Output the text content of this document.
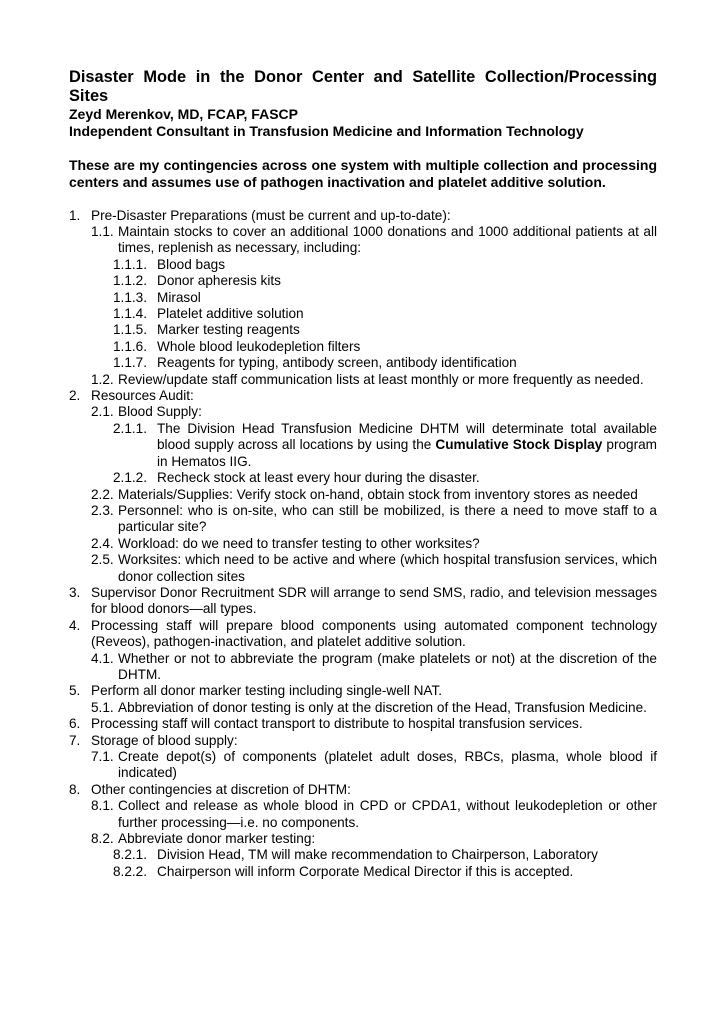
Disaster Mode in the Donor Center and Satellite Collection/Processing Sites

Zeyd Merenkov, MD, FCAP, FASCP

Independent Consultant in Transfusion Medicine and Information Technology

These are my contingencies across one system with multiple collection and processing centers and assumes use of pathogen inactivation and platelet additive solution.

1. Pre-Disaster Preparations (must be current and up-to-date):
1.1. Maintain stocks to cover an additional 1000 donations and 1000 additional patients at all times, replenish as necessary, including:
1.1.1. Blood bags
1.1.2. Donor apheresis kits
1.1.3. Mirasol
1.1.4. Platelet additive solution
1.1.5. Marker testing reagents
1.1.6. Whole blood leukodepletion filters
1.1.7. Reagents for typing, antibody screen, antibody identification
1.2. Review/update staff communication lists at least monthly or more frequently as needed.
2. Resources Audit:
2.1. Blood Supply:
2.1.1. The Division Head Transfusion Medicine DHTM will determinate total available blood supply across all locations by using the Cumulative Stock Display program in Hematos IIG.
2.1.2. Recheck stock at least every hour during the disaster.
2.2. Materials/Supplies: Verify stock on-hand, obtain stock from inventory stores as needed
2.3. Personnel: who is on-site, who can still be mobilized, is there a need to move staff to a particular site?
2.4. Workload: do we need to transfer testing to other worksites?
2.5. Worksites: which need to be active and where (which hospital transfusion services, which donor collection sites
3. Supervisor Donor Recruitment SDR will arrange to send SMS, radio, and television messages for blood donors—all types.
4. Processing staff will prepare blood components using automated component technology (Reveos), pathogen-inactivation, and platelet additive solution.
4.1. Whether or not to abbreviate the program (make platelets or not) at the discretion of the DHTM.
5. Perform all donor marker testing including single-well NAT.
5.1. Abbreviation of donor testing is only at the discretion of the Head, Transfusion Medicine.
6. Processing staff will contact transport to distribute to hospital transfusion services.
7. Storage of blood supply:
7.1. Create depot(s) of components (platelet adult doses, RBCs, plasma, whole blood if indicated)
8. Other contingencies at discretion of DHTM:
8.1. Collect and release as whole blood in CPD or CPDA1, without leukodepletion or other further processing—i.e. no components.
8.2. Abbreviate donor marker testing:
8.2.1. Division Head, TM will make recommendation to Chairperson, Laboratory
8.2.2. Chairperson will inform Corporate Medical Director if this is accepted.
